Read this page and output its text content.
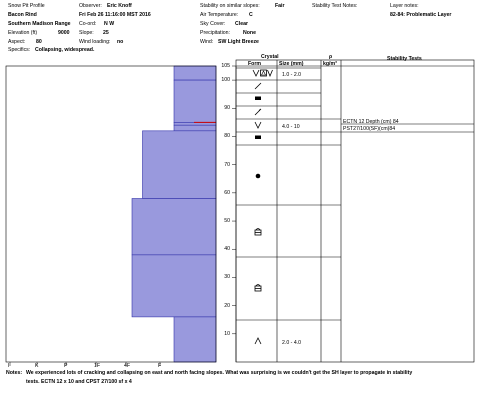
Snow Pit Profile
Bacon Rind
Southern Madison Range
Elevation (ft)	9000
Aspect: 80
Specifics: Collapsing, widespread.
Observer: Eric Knoff
Fri Feb 26 11:16:00 MST 2016
Co-ord: N W
Slope: 25
Wind loading: no
Stability on similar slopes:	Fair
Air Temperature: C
Sky Cover: Clear
Precipitation:	None
Wind: SW Light Breeze
Stability Test Notes:	Layer notes:
82-84: Problematic Layer
10
20
30
40
50
60
70
80
90
100
105
I	K	P	1F	4F	F
Crystal
Form	Size (mm)
ρ
kg/m³
Stability Tests
1.0 - 2.0
4.0 - 10
2.0 - 4.0
ECTN 12 Depth (cm) 84
PST27/100(SF)(cm)84
Notes: We experienced lots of cracking and collapsing on east and north facing slopes. What was surprising is we couldn't get the SH layer to propagate in stability
tests. ECTN 12 x 10 and CPST 27/100 sf x 4
